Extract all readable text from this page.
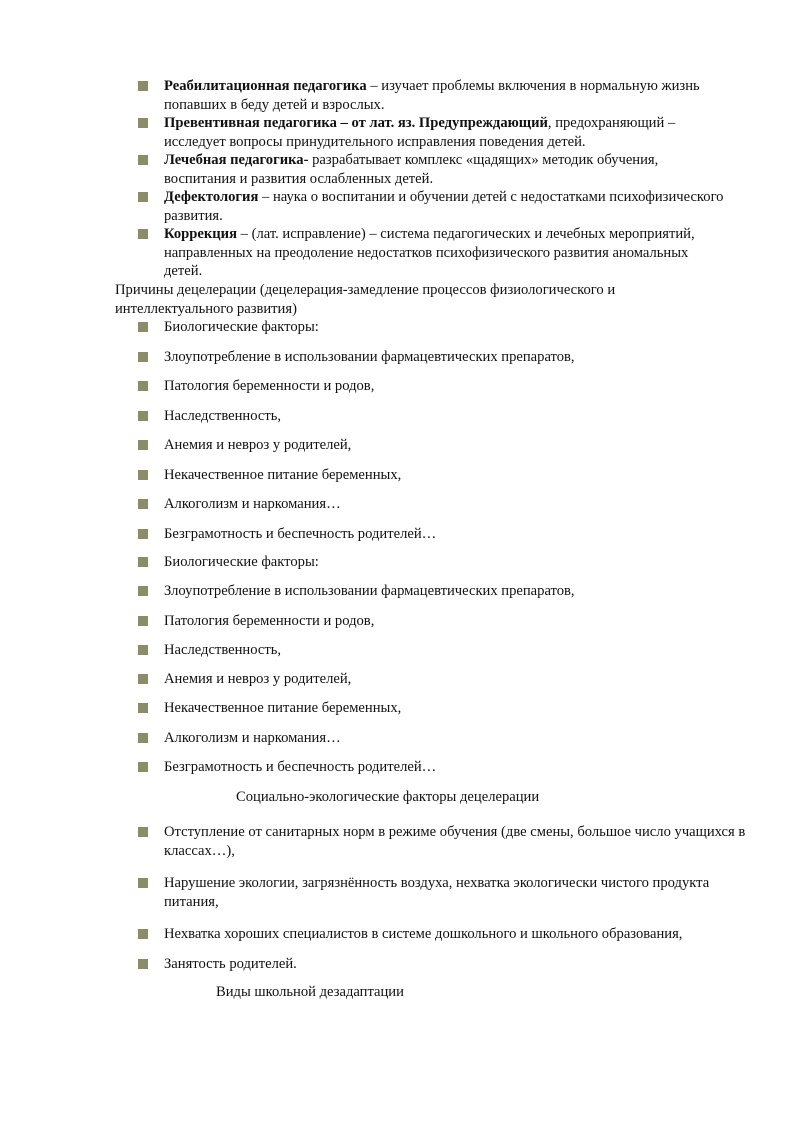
Реабилитационная педагогика – изучает проблемы включения в нормальную жизнь попавших в беду детей и взрослых.
Превентивная педагогика – от лат. яз. Предупреждающий, предохраняющий – исследует вопросы принудительного исправления поведения детей.
Лечебная педагогика- разрабатывает комплекс «щадящих» методик обучения, воспитания и развития ослабленных детей.
Дефектология – наука о воспитании и обучении детей с недостатками психофизического развития.
Коррекция – (лат. исправление) – система педагогических и лечебных мероприятий, направленных на преодоление недостатков психофизического развития аномальных детей.
Причины децелерации (децелерация-замедление процессов физиологического и интеллектуального развития)
Биологические факторы:
Злоупотребление в использовании фармацевтических препаратов,
Патология беременности и родов,
Наследственность,
Анемия и невроз у родителей,
Некачественное питание беременных,
Алкоголизм и наркомания…
Безграмотность и беспечность родителей…
Биологические факторы:
Злоупотребление в использовании фармацевтических препаратов,
Патология беременности и родов,
Наследственность,
Анемия и невроз у родителей,
Некачественное питание беременных,
Алкоголизм и наркомания…
Безграмотность и беспечность родителей…
Социально-экологические факторы децелерации
Отступление от санитарных норм в режиме обучения (две смены, большое число учащихся в классах…),
Нарушение экологии, загрязнённость воздуха, нехватка экологически чистого продукта питания,
Нехватка хороших специалистов в системе дошкольного и школьного образования,
Занятость родителей.
Виды школьной дезадаптации
